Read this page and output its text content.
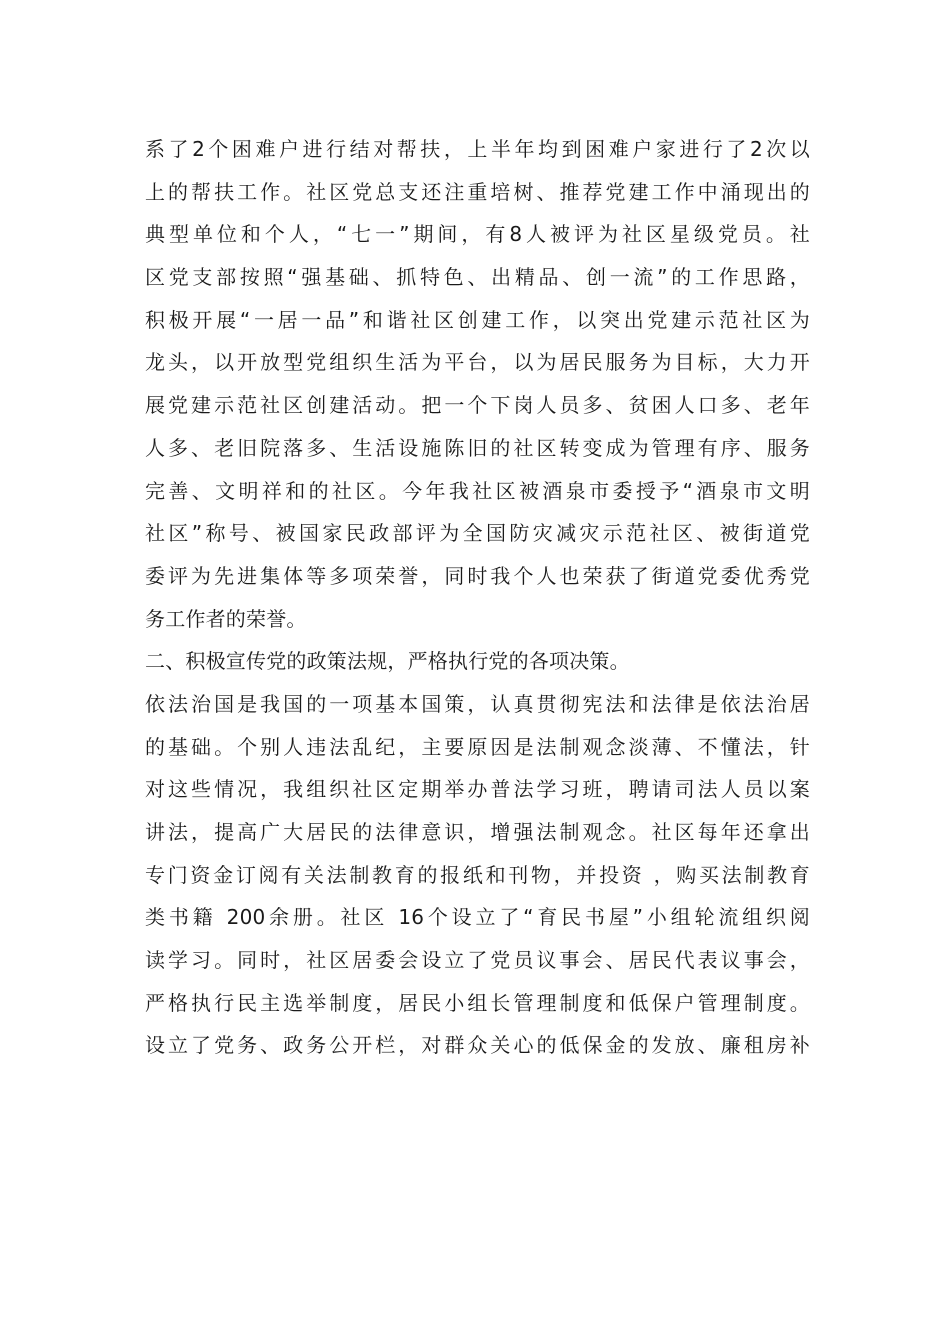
系了2个困难户进行结对帮扶，上半年均到困难户家进行了2次以
上的帮扶工作。社区党总支还注重培树、推荐党建工作中涌现出的
典型单位和个人，“七一”期间，有8人被评为社区星级党员。社
区党支部按照“强基础、抓特色、出精品、创一流”的工作思路，
积极开展“一居一品”和谐社区创建工作，以突出党建示范社区为
龙头，以开放型党组织生活为平台，以为居民服务为目标，大力开
展党建示范社区创建活动。把一个下岗人员多、贫困人口多、老年
人多、老旧院落多、生活设施陈旧的社区转变成为管理有序、服务
完善、文明祥和的社区。今年我社区被酒泉市委授予“酒泉市文明
社区”称号、被国家民政部评为全国防灾减灾示范社区、被街道党
委评为先进集体等多项荣誉，同时我个人也荣获了街道党委优秀党
务工作者的荣誉。
二、积极宣传党的政策法规，严格执行党的各项决策。
依法治国是我国的一项基本国策，认真贯彻宪法和法律是依法治居
的基础。个别人违法乱纪，主要原因是法制观念淡薄、不懂法，针
对这些情况，我组织社区定期举办普法学习班，聘请司法人员以案
讲法，提高广大居民的法律意识，增强法制观念。社区每年还拿出
专门资金订阅有关法制教育的报纸和刊物，并投资 ，购买法制教育
类书籍 200余册。社区 16个设立了“育民书屋”小组轮流组织阅
读学习。同时，社区居委会设立了党员议事会、居民代表议事会，
严格执行民主选举制度，居民小组长管理制度和低保户管理制度。
设立了党务、政务公开栏，对群众关心的低保金的发放、廉租房补
